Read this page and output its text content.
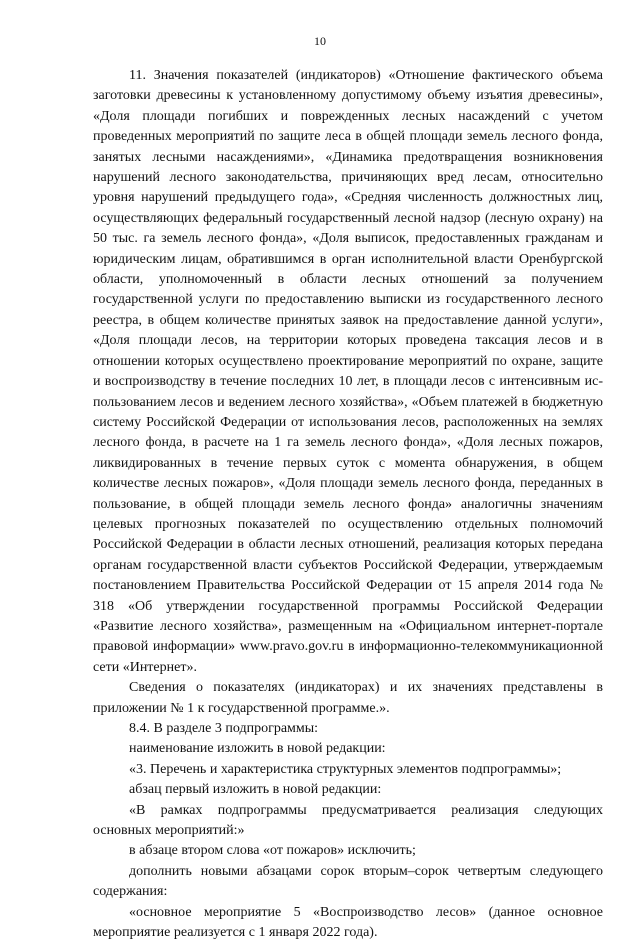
10

11. Значения показателей (индикаторов) «Отношение фактического объема заготовки древесины к установленному допустимому объему изъятия древесины», «Доля площади погибших и поврежденных лесных насаждений с учетом проведенных мероприятий по защите леса в общей площади земель лесного фонда, занятых лесными насаждениями», «Динамика предотвращения возникновения нарушений лесного законодательства, причиняющих вред лесам, относительно уровня нарушений предыдущего года», «Средняя численность должностных лиц, осуществляющих федеральный государственный лесной надзор (лесную охрану) на 50 тыс. га земель лесного фонда», «Доля выписок, предоставленных гражданам и юридическим лицам, обратившимся в орган исполнительной власти Оренбургской области, уполномоченный в области лесных отношений за получением государственной услуги по предоставлению выписки из государственного лесного реестра, в общем количестве принятых заявок на предоставление данной услуги», «Доля площади лесов, на территории которых проведена таксация лесов и в отношении которых осуществлено проектирование мероприятий по охране, защите и воспроизводству в течение последних 10 лет, в площади лесов с интенсивным использованием лесов и ведением лесного хозяйства», «Объем платежей в бюджетную систему Российской Федерации от использования лесов, расположенных на землях лесного фонда, в расчете на 1 га земель лесного фонда», «Доля лесных пожаров, ликвидированных в течение первых суток с момента обнаружения, в общем количестве лесных пожаров», «Доля площади земель лесного фонда, переданных в пользование, в общей площади земель лесного фонда» аналогичны значениям целевых прогнозных показателей по осуществлению отдельных полномочий Российской Федерации в области лесных отношений, реализация которых передана органам государственной власти субъектов Российской Федерации, утверждаемым постановлением Правительства Российской Федерации от 15 апреля 2014 года № 318 «Об утверждении государственной программы Российской Федерации «Развитие лесного хозяйства», размещенным на «Официальном интернет-портале правовой информации» www.pravo.gov.ru в информационно-телекоммуникационной сети «Интернет».

Сведения о показателях (индикаторах) и их значениях представлены в приложении № 1 к государственной программе.».

8.4. В разделе 3 подпрограммы:

наименование изложить в новой редакции:

«3. Перечень и характеристика структурных элементов подпрограммы»;

абзац первый изложить в новой редакции:

«В рамках подпрограммы предусматривается реализация следующих основных мероприятий:»

в абзаце втором слова «от пожаров» исключить;

дополнить новыми абзацами сорок вторым–сорок четвертым следующего содержания:

«основное мероприятие 5 «Воспроизводство лесов» (данное основное мероприятие реализуется с 1 января 2022 года).
